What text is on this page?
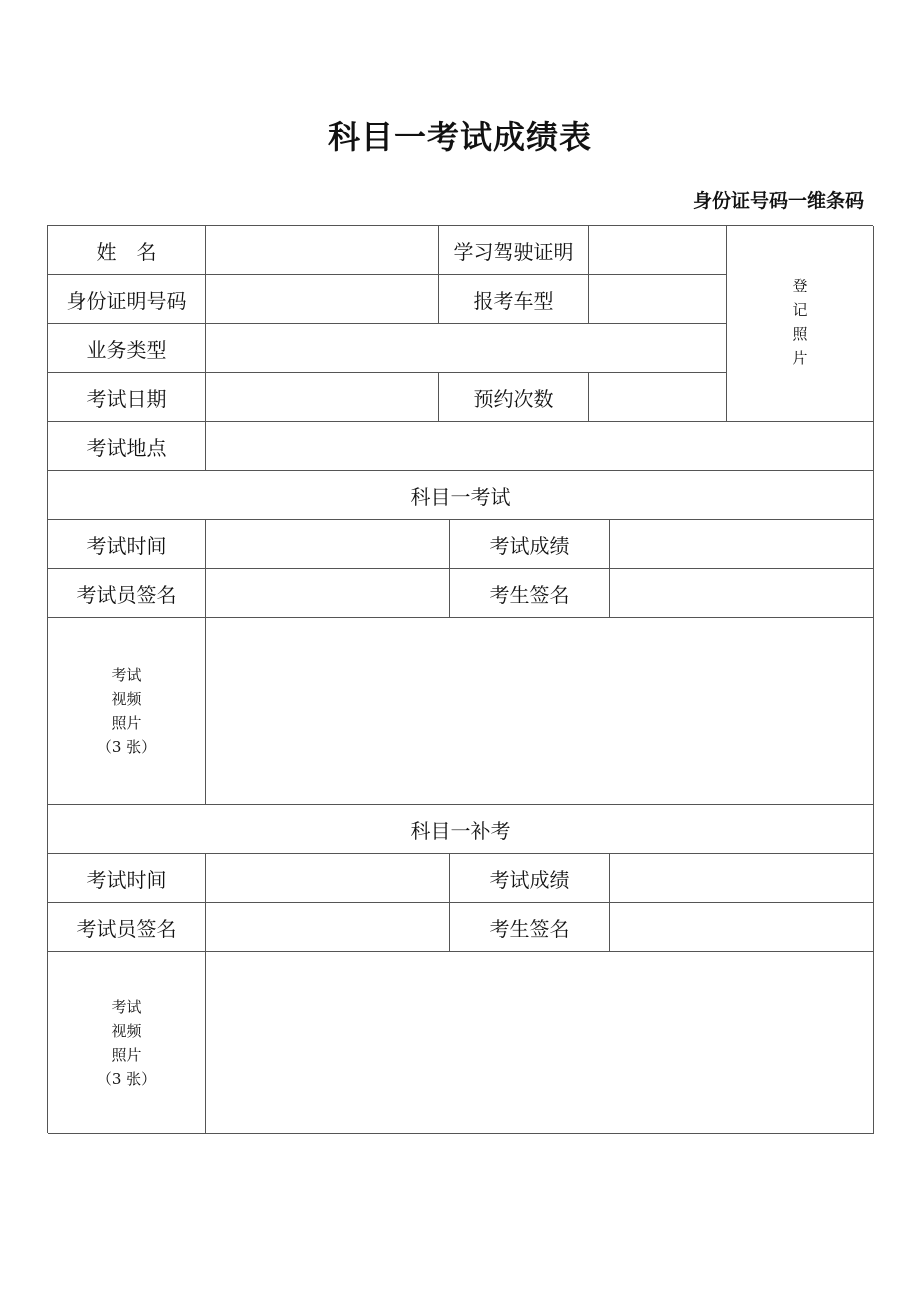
科目一考试成绩表
身份证号码一维条码
姓　名	学习驾驶证明
登记照片
身份证明号码	报考车型
业务类型
考试日期	预约次数
考试地点
科目一考试
考试时间	考试成绩
考试员签名	考生签名
考试
视频
照片
（3 张）
科目一补考
考试时间	考试成绩
考试员签名	考生签名
考试
视频
照片
（3 张）
